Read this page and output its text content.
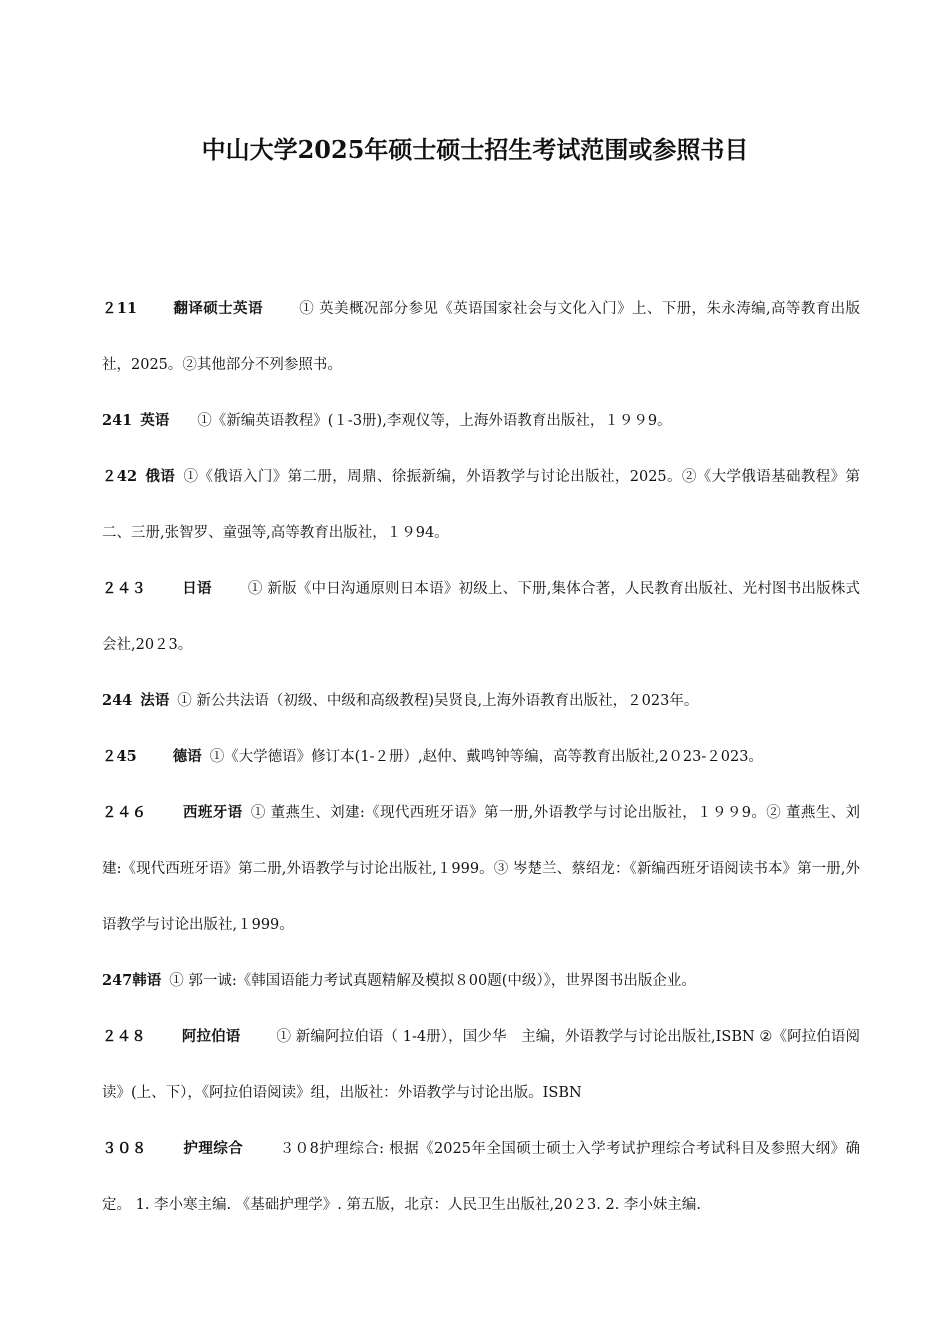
中山大学2025年硕士硕士招生考试范围或参照书目

２11 翻译硕士英语 ① 英美概况部分参见《英语国家社会与文化入门》上、下册，朱永涛编,高等教育出版社，2025。②其他部分不列参照书。

241 英语 ①《新编英语教程》(１-3册),李观仪等，上海外语教育出版社，１９９9。

２42 俄语 ①《俄语入门》第二册，周鼎、徐振新编，外语教学与讨论出版社，2025。②《大学俄语基础教程》第二、三册,张智罗、童强等,高等教育出版社，１９94。

２４３ 日语 ① 新版《中日沟通原则日本语》初级上、下册,集体合著，人民教育出版社、光村图书出版株式会社,20２3。

244 法语 ① 新公共法语（初级、中级和高级教程)吴贤良,上海外语教育出版社，２023年。

２45 德语 ①《大学德语》修订本(1-２册）,赵仲、戴鸣钟等编，高等教育出版社,2０23-２023。

２４６ 西班牙语 ① 董燕生、刘建:《现代西班牙语》第一册,外语教学与讨论出版社，１９９9。② 董燕生、刘建:《现代西班牙语》第二册,外语教学与讨论出版社,１999。③ 岑楚兰、蔡绍龙：《新编西班牙语阅读书本》第一册,外语教学与讨论出版社,１999。

247韩语 ① 郭一诚:《韩国语能力考试真题精解及模拟８00题(中级）》，世界图书出版企业。

２４８ 阿拉伯语 ① 新编阿拉伯语（ 1-4册），国少华　主编，外语教学与讨论出版社,ISBN ②《阿拉伯语阅读》(上、下），《阿拉伯语阅读》组，出版社：外语教学与讨论出版。ISBN

３０８ 护理综合 ３０8护理综合: 根据《2025年全国硕士硕士入学考试护理综合考试科目及参照大纲》确定。 1. 李小寒主编. 《基础护理学》. 第五版，北京：人民卫生出版社,20２3. 2. 李小妹主编.
